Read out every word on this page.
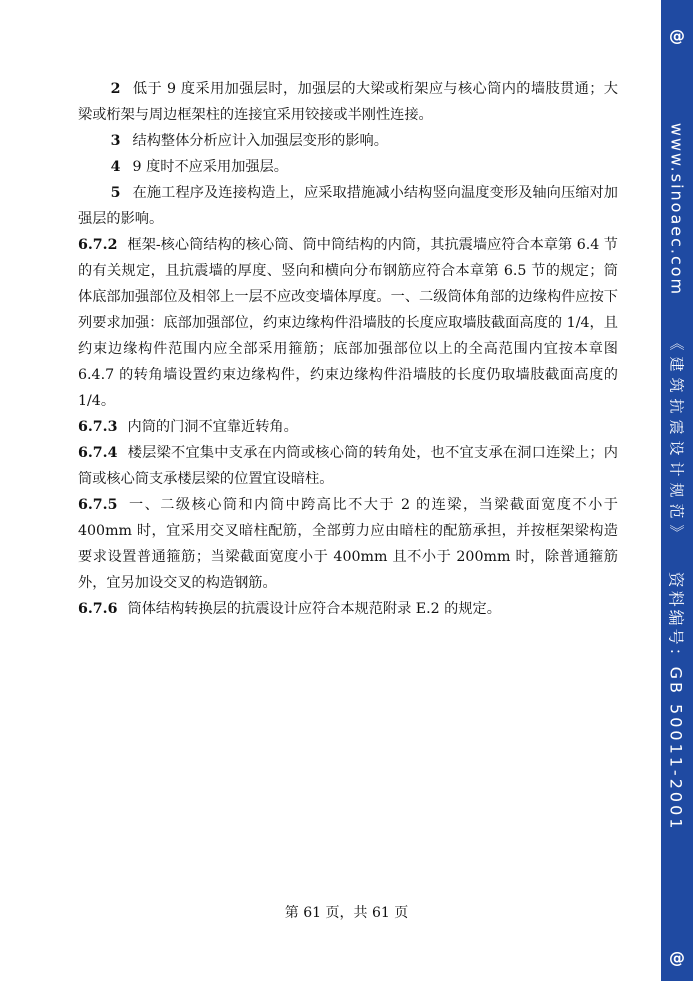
2 低于 9 度采用加强层时，加强层的大梁或桁架应与核心筒内的墙肢贯通；大梁或桁架与周边框架柱的连接宜采用铰接或半刚性连接。

3 结构整体分析应计入加强层变形的影响。

4 9 度时不应采用加强层。

5 在施工程序及连接构造上，应采取措施减小结构竖向温度变形及轴向压缩对加强层的影响。

6.7.2 框架-核心筒结构的核心筒、筒中筒结构的内筒，其抗震墙应符合本章第 6.4 节的有关规定，且抗震墙的厚度、竖向和横向分布钢筋应符合本章第 6.5 节的规定；筒体底部加强部位及相邻上一层不应改变墙体厚度。一、二级筒体角部的边缘构件应按下列要求加强：底部加强部位，约束边缘构件沿墙肢的长度应取墙肢截面高度的 1/4，且约束边缘构件范围内应全部采用箍筋；底部加强部位以上的全高范围内宜按本章图 6.4.7 的转角墙设置约束边缘构件，约束边缘构件沿墙肢的长度仍取墙肢截面高度的 1/4。

6.7.3 内筒的门洞不宜靠近转角。

6.7.4 楼层梁不宜集中支承在内筒或核心筒的转角处，也不宜支承在洞口连梁上；内筒或核心筒支承楼层梁的位置宜设暗柱。

6.7.5 一、二级核心筒和内筒中跨高比不大于 2 的连梁，当梁截面宽度不小于 400mm 时，宜采用交叉暗柱配筋，全部剪力应由暗柱的配筋承担，并按框架梁构造要求设置普通箍筋；当梁截面宽度小于 400mm 且不小于 200mm 时，除普通箍筋外，宜另加设交叉的构造钢筋。

6.7.6 筒体结构转换层的抗震设计应符合本规范附录 E.2 的规定。

第 61 页，共 61 页
@
www.sinoaec.com
《建筑抗震设计规范》
资料编号：GB 50011-2001
@
